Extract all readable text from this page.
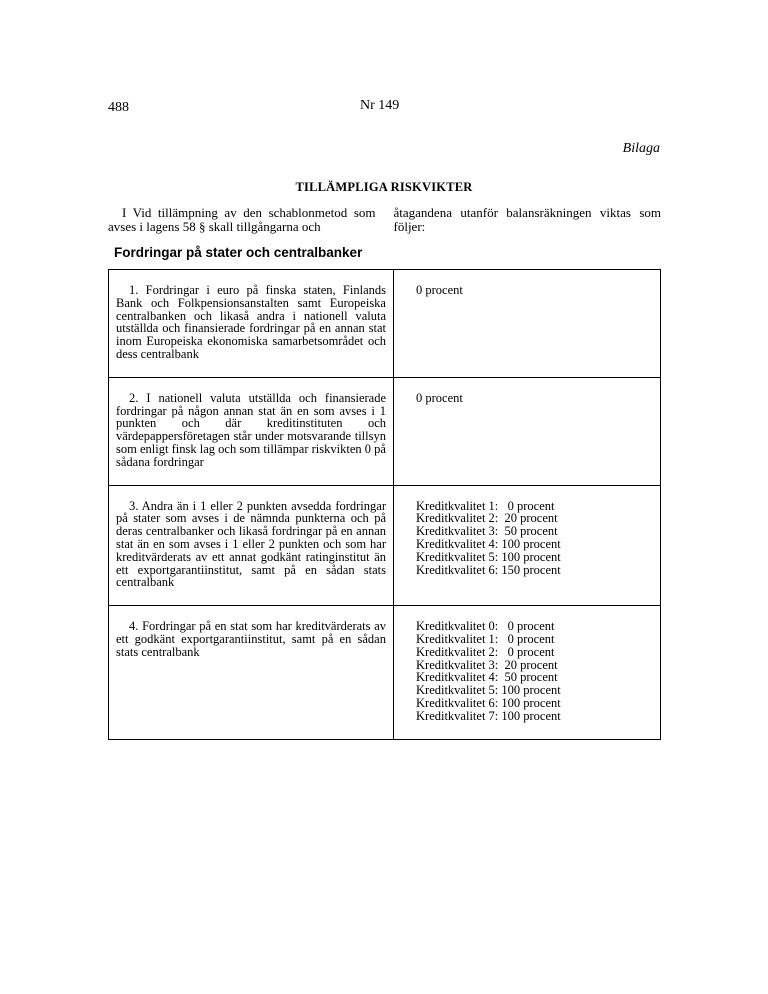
488	Nr 149
Bilaga
TILLÄMPLIGA RISKVIKTER
I Vid tillämpning av den schablonmetod som avses i lagens 58 § skall tillgångarna och
åtagandena utanför balansräkningen viktas som följer:
Fordringar på stater och centralbanker
1. Fordringar i euro på finska staten, Finlands Bank och Folkpensionsanstalten samt Europeiska centralbanken och likaså andra i nationell valuta utställda och finansierade fordringar på en annan stat inom Europeiska ekonomiska samarbetsområdet och dess centralbank
0 procent
2. I nationell valuta utställda och finansierade fordringar på någon annan stat än en som avses i 1 punkten och där kreditinstituten och värdepappersföretagen står under motsvarande tillsyn som enligt finsk lag och som tillämpar riskvikten 0 på sådana fordringar
0 procent
3. Andra än i 1 eller 2 punkten avsedda fordringar på stater som avses i de nämnda punkterna och på deras centralbanker och likaså fordringar på en annan stat än en som avses i 1 eller 2 punkten och som har kreditvärderats av ett annat godkänt ratinginstitut än ett exportgarantiinstitut, samt på en sådan stats centralbank
Kreditkvalitet 1:   0 procent
Kreditkvalitet 2:  20 procent
Kreditkvalitet 3:  50 procent
Kreditkvalitet 4: 100 procent
Kreditkvalitet 5: 100 procent
Kreditkvalitet 6: 150 procent
4. Fordringar på en stat som har kreditvärderats av ett godkänt exportgarantiinstitut, samt på en sådan stats centralbank
Kreditkvalitet 0:   0 procent
Kreditkvalitet 1:   0 procent
Kreditkvalitet 2:   0 procent
Kreditkvalitet 3:  20 procent
Kreditkvalitet 4:  50 procent
Kreditkvalitet 5: 100 procent
Kreditkvalitet 6: 100 procent
Kreditkvalitet 7: 100 procent
